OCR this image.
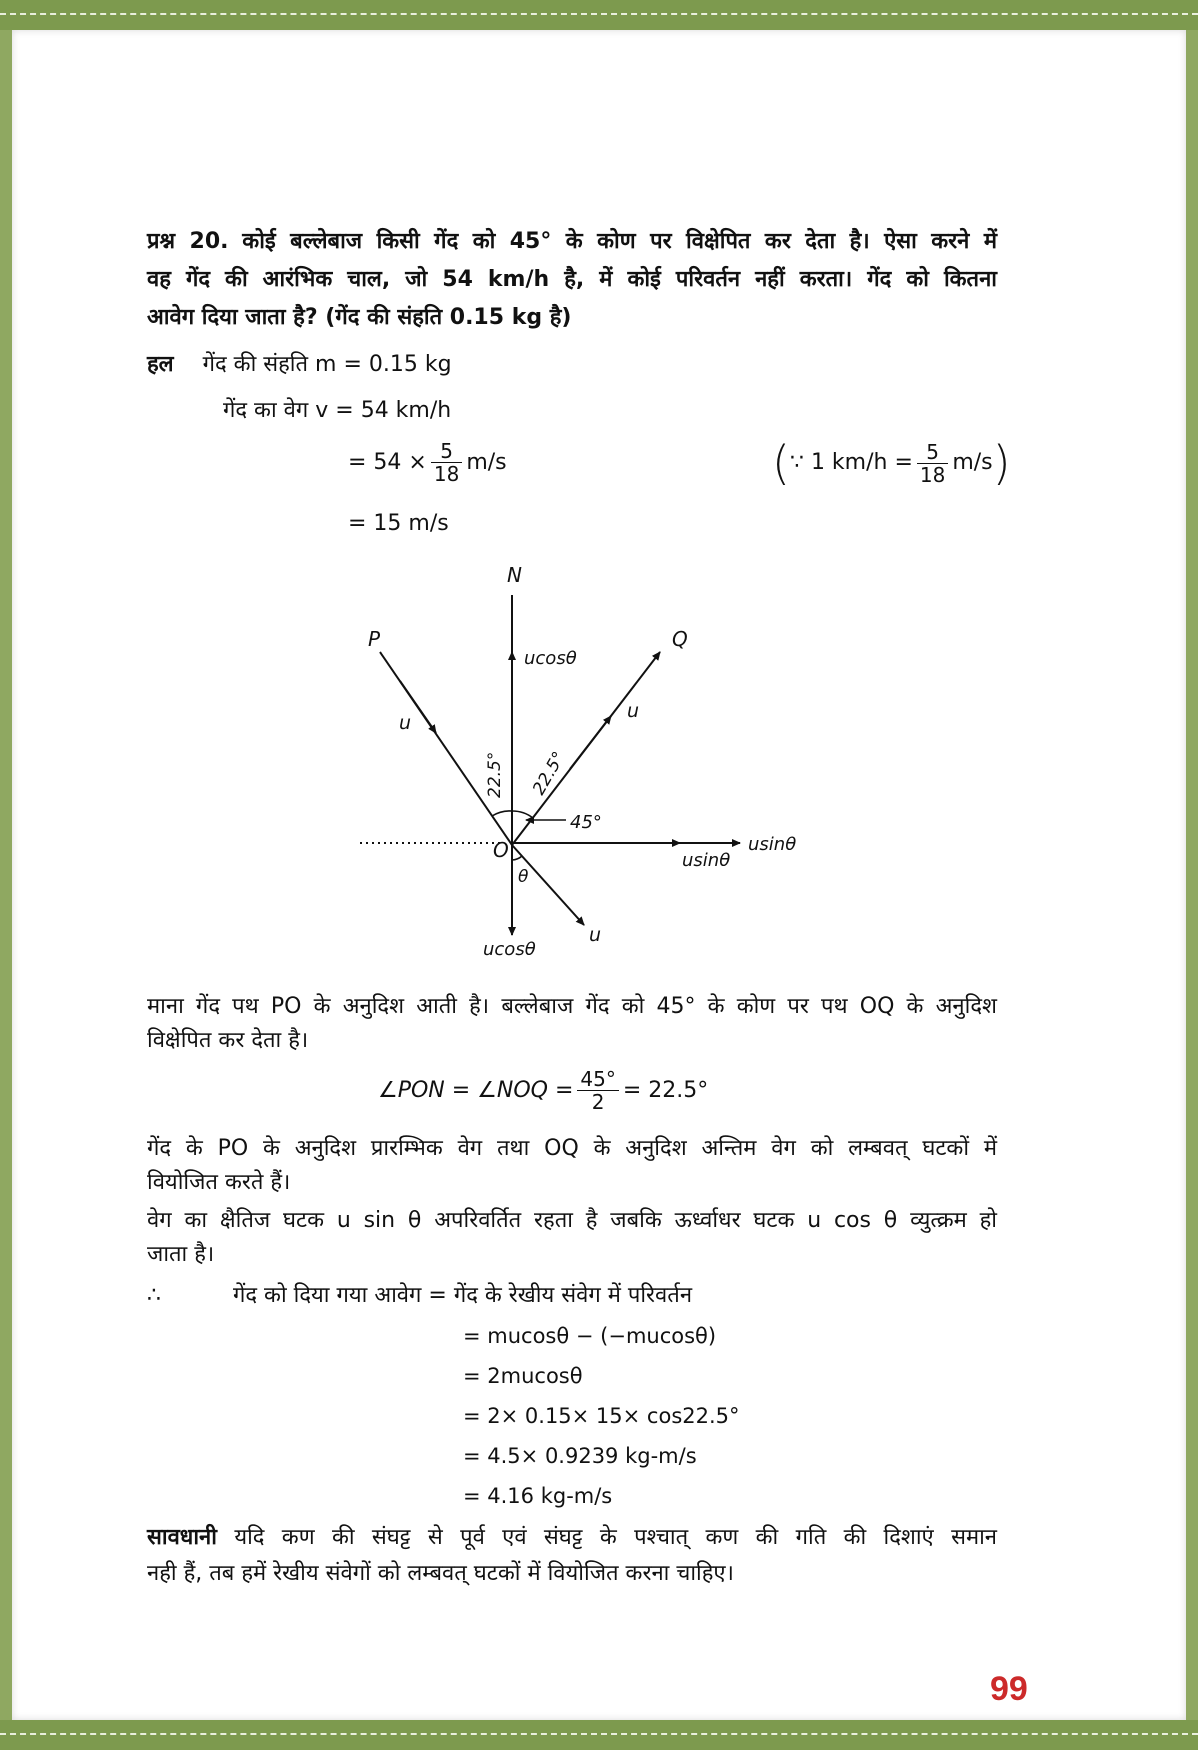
प्रश्न 20. कोई बल्लेबाज किसी गेंद को 45° के कोण पर विक्षेपित कर देता है। ऐसा करने में
वह गेंद की आरंभिक चाल, जो 54 km/h है, में कोई परिवर्तन नहीं करता। गेंद को कितना
आवेग दिया जाता है? (गेंद की संहति 0.15 kg है)
हल गेंद की संहति m = 0.15 kg
गेंद का वेग v = 54 km/h
= $54 \times \frac{5}{18} m/s$	( ∵ 1 $km/h = \frac{5}{18} m/s$ )
= 15 m/s
N
P	Q
O
u
u
u
ucosθ
ucosθ
usinθ
usinθ
22.5° 22.5°
45°
θ
माना गेंद पथ PO के अनुदिश आती है। बल्लेबाज गेंद को 45° के कोण पर पथ OQ के अनुदिश
विक्षेपित कर देता है।
∠PON = ∠NOQ = $\frac{45^\circ}{2} = 22.5^\circ$
गेंद के PO के अनुदिश प्रारम्भिक वेग तथा OQ के अनुदिश अन्तिम वेग को लम्बवत् घटकों में
वियोजित करते हैं।
वेग का क्षैतिज घटक u sin θ अपरिवर्तित रहता है जबकि ऊर्ध्वाधर घटक u cos θ व्युत्क्रम हो
जाता है।
∴	गेंद को दिया गया आवेग = गेंद के रेखीय संवेग में परिवर्तन
= mucosθ − (−mucosθ)
= 2mucosθ
= 2× 0.15× 15× cos22.5°
= 4.5× 0.9239 kg-m/s
= 4.16 kg-m/s
सावधानी यदि कण की संघट्ट से पूर्व एवं संघट्ट के पश्चात् कण की गति की दिशाएं समान
नही हैं, तब हमें रेखीय संवेगों को लम्बवत् घटकों में वियोजित करना चाहिए।
99
